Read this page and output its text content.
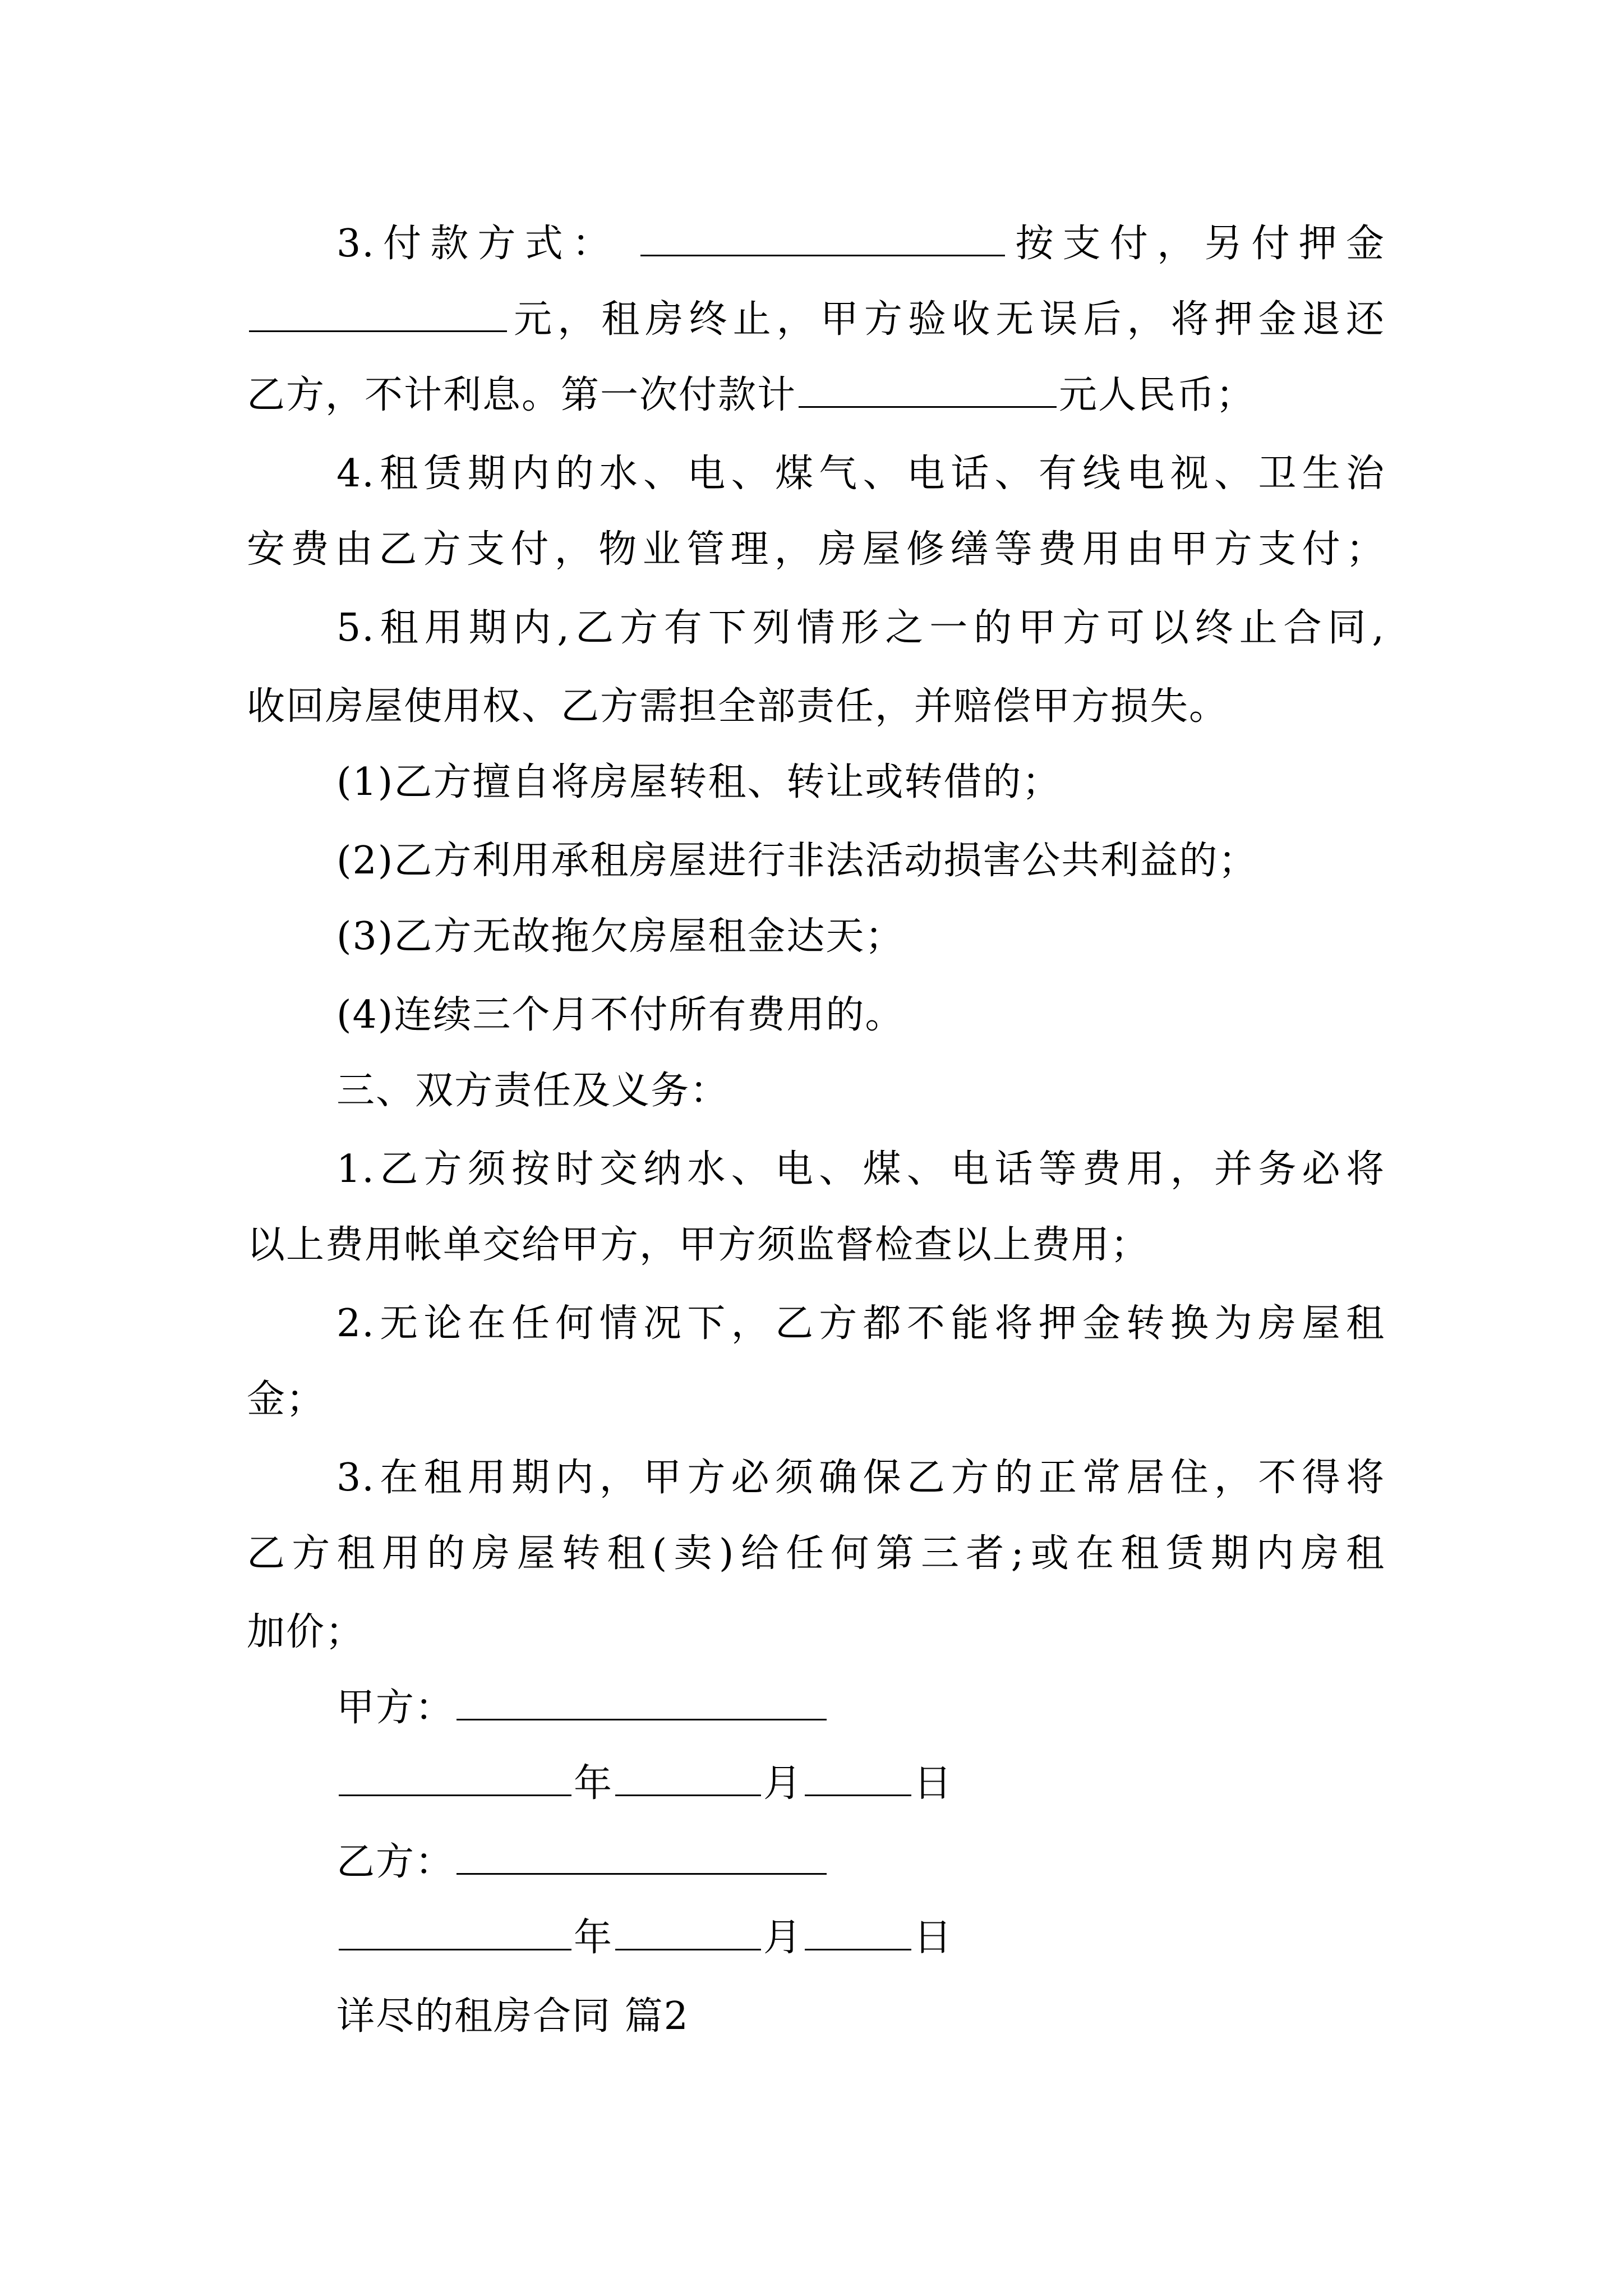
3.付款方式：	按支付，另付押金
元，租房终止，甲方验收无误后，将押金退还
乙方，不计利息。第一次付款计	元人民币；
4.租赁期内的水、电、煤气、电话、有线电视、卫生治
安费由乙方支付，物业管理，房屋修缮等费用由甲方支付；
5.租用期内,乙方有下列情形之一的甲方可以终止合同,
收回房屋使用权、乙方需担全部责任，并赔偿甲方损失。
(1)乙方擅自将房屋转租、转让或转借的；
(2)乙方利用承租房屋进行非法活动损害公共利益的；
(3)乙方无故拖欠房屋租金达天；
(4)连续三个月不付所有费用的。
三、双方责任及义务：
1.乙方须按时交纳水、电、煤、电话等费用，并务必将
以上费用帐单交给甲方，甲方须监督检查以上费用；
2.无论在任何情况下，乙方都不能将押金转换为房屋租
金；
3.在租用期内，甲方必须确保乙方的正常居住，不得将
乙方租用的房屋转租(卖)给任何第三者;或在租赁期内房租
加价；
甲方：
年	月	日
乙方：
年	月	日
详尽的租房合同 篇2
